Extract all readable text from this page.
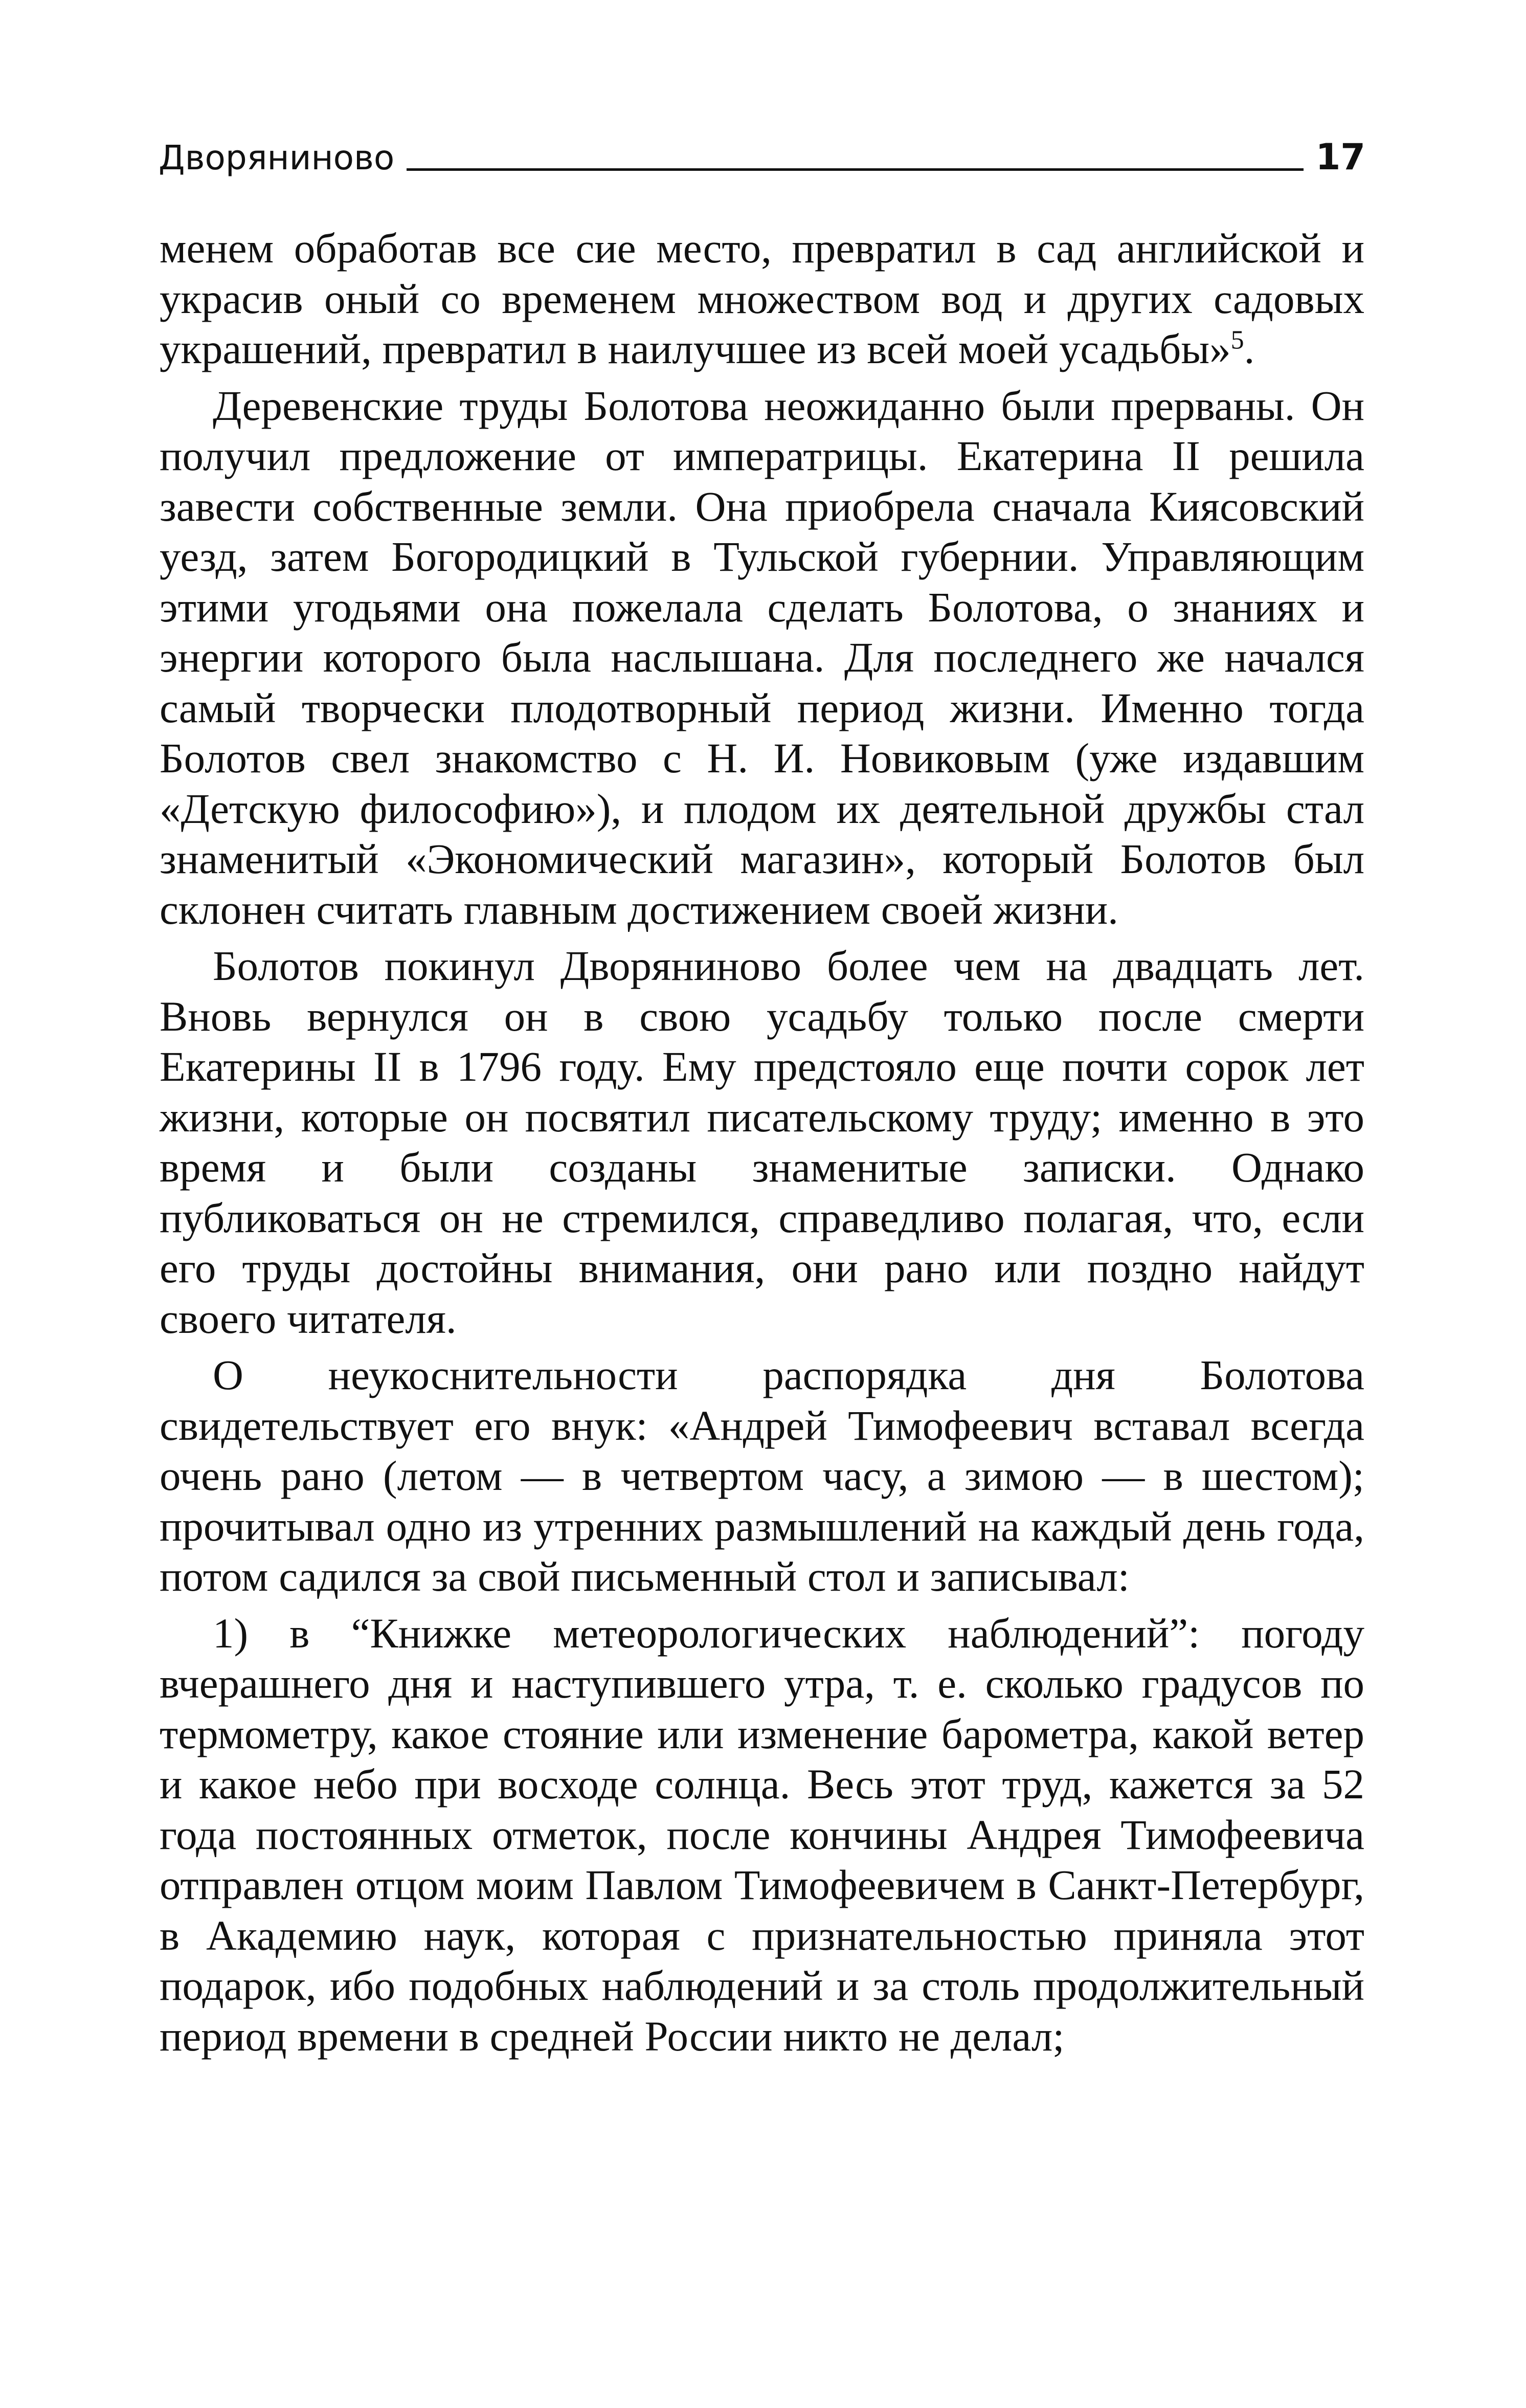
Дворяниново	17

менем обработав все сие место, превратил в сад английской и украсив оный со временем множеством вод и других садовых украшений, превратил в наилучшее из всей моей усадьбы»$^5$.

Деревенские труды Болотова неожиданно были прерваны. Он получил предложение от императрицы. Екатерина II решила завести собственные земли. Она приобрела сначала Киясовский уезд, затем Богородицкий в Тульской губернии. Управляющим этими угодьями она пожелала сделать Болотова, о знаниях и энергии которого была наслышана. Для последнего же начался самый творчески плодотворный период жизни. Именно тогда Болотов свел знакомство с Н. И. Новиковым (уже издавшим «Детскую философию»), и плодом их деятельной дружбы стал знаменитый «Экономический магазин», который Болотов был склонен считать главным достижением своей жизни.

Болотов покинул Дворяниново более чем на двадцать лет. Вновь вернулся он в свою усадьбу только после смерти Екатерины II в 1796 году. Ему предстояло еще почти сорок лет жизни, которые он посвятил писательскому труду; именно в это время и были созданы знаменитые записки. Однако публиковаться он не стремился, справедливо полагая, что, если его труды достойны внимания, они рано или поздно найдут своего читателя.

О неукоснительности распорядка дня Болотова свидетельствует его внук: «Андрей Тимофеевич вставал всегда очень рано (летом — в четвертом часу, а зимою — в шестом); прочитывал одно из утренних размышлений на каждый день года, потом садился за свой письменный стол и записывал:

1) в “Книжке метеорологических наблюдений”: погоду вчерашнего дня и наступившего утра, т. е. сколько градусов по термометру, какое стояние или изменение барометра, какой ветер и какое небо при восходе солнца. Весь этот труд, кажется за 52 года постоянных отметок, после кончины Андрея Тимофеевича отправлен отцом моим Павлом Тимофеевичем в Санкт-Петербург, в Академию наук, которая с признательностью приняла этот подарок, ибо подобных наблюдений и за столь продолжительный период времени в средней России никто не делал;
